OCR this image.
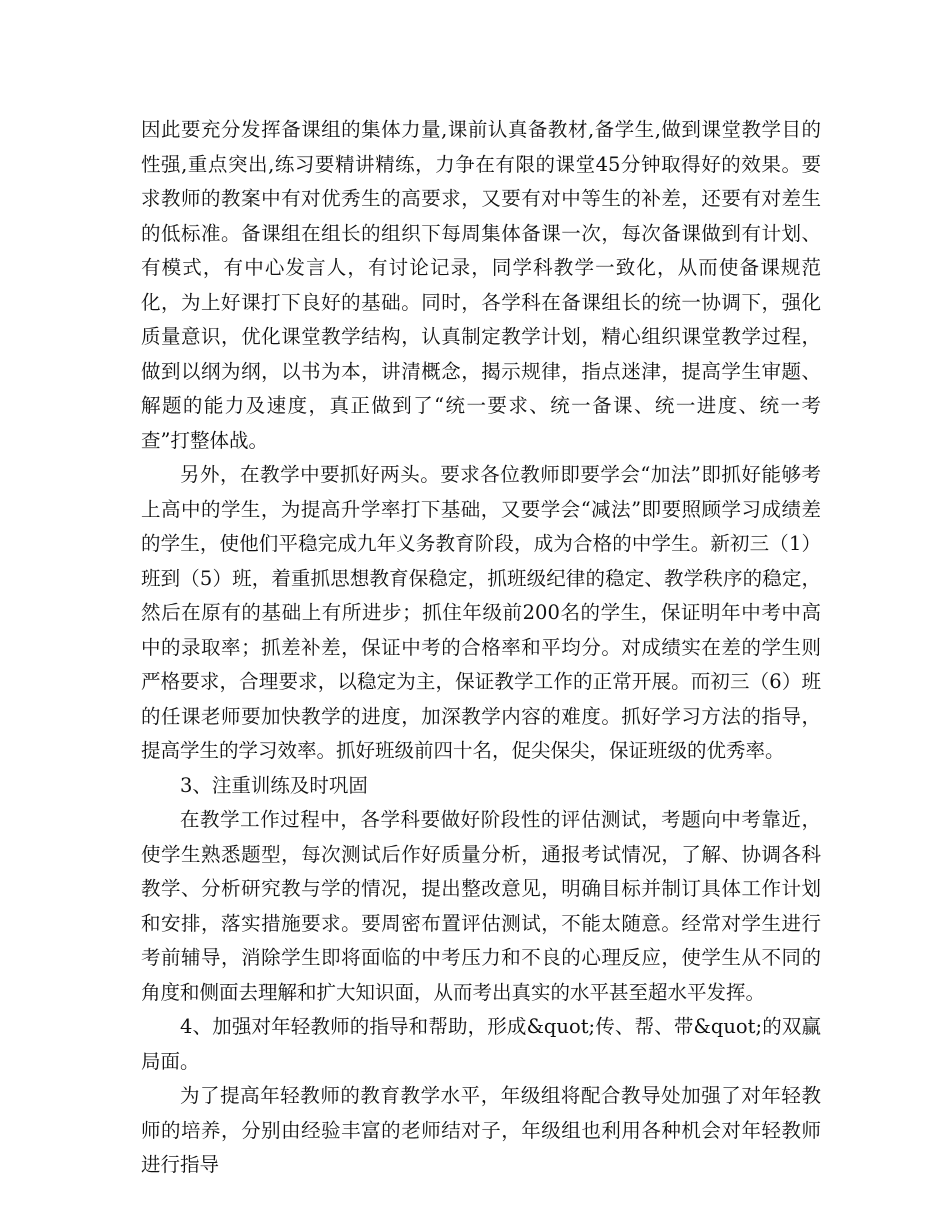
因此要充分发挥备课组的集体力量,课前认真备教材,备学生,做到课堂教学目的性强,重点突出,练习要精讲精练，力争在有限的课堂45分钟取得好的效果。要求教师的教案中有对优秀生的高要求，又要有对中等生的补差，还要有对差生的低标准。备课组在组长的组织下每周集体备课一次，每次备课做到有计划、有模式，有中心发言人，有讨论记录，同学科教学一致化，从而使备课规范化，为上好课打下良好的基础。同时，各学科在备课组长的统一协调下，强化质量意识，优化课堂教学结构，认真制定教学计划，精心组织课堂教学过程，做到以纲为纲，以书为本，讲清概念，揭示规律，指点迷津，提高学生审题、解题的能力及速度，真正做到了“统一要求、统一备课、统一进度、统一考查”打整体战。

另外，在教学中要抓好两头。要求各位教师即要学会“加法”即抓好能够考上高中的学生，为提高升学率打下基础，又要学会“减法”即要照顾学习成绩差的学生，使他们平稳完成九年义务教育阶段，成为合格的中学生。新初三（1）班到（5）班，着重抓思想教育保稳定，抓班级纪律的稳定、教学秩序的稳定，然后在原有的基础上有所进步；抓住年级前200名的学生，保证明年中考中高中的录取率；抓差补差，保证中考的合格率和平均分。对成绩实在差的学生则严格要求，合理要求，以稳定为主，保证教学工作的正常开展。而初三（6）班的任课老师要加快教学的进度，加深教学内容的难度。抓好学习方法的指导，提高学生的学习效率。抓好班级前四十名，促尖保尖，保证班级的优秀率。

3、注重训练及时巩固

在教学工作过程中，各学科要做好阶段性的评估测试，考题向中考靠近，使学生熟悉题型，每次测试后作好质量分析，通报考试情况，了解、协调各科教学、分析研究教与学的情况，提出整改意见，明确目标并制订具体工作计划和安排，落实措施要求。要周密布置评估测试，不能太随意。经常对学生进行考前辅导，消除学生即将面临的中考压力和不良的心理反应，使学生从不同的角度和侧面去理解和扩大知识面，从而考出真实的水平甚至超水平发挥。

4、加强对年轻教师的指导和帮助，形成&quot;传、帮、带&quot;的双赢局面。

为了提高年轻教师的教育教学水平，年级组将配合教导处加强了对年轻教师的培养，分别由经验丰富的老师结对子，年级组也利用各种机会对年轻教师进行指导
